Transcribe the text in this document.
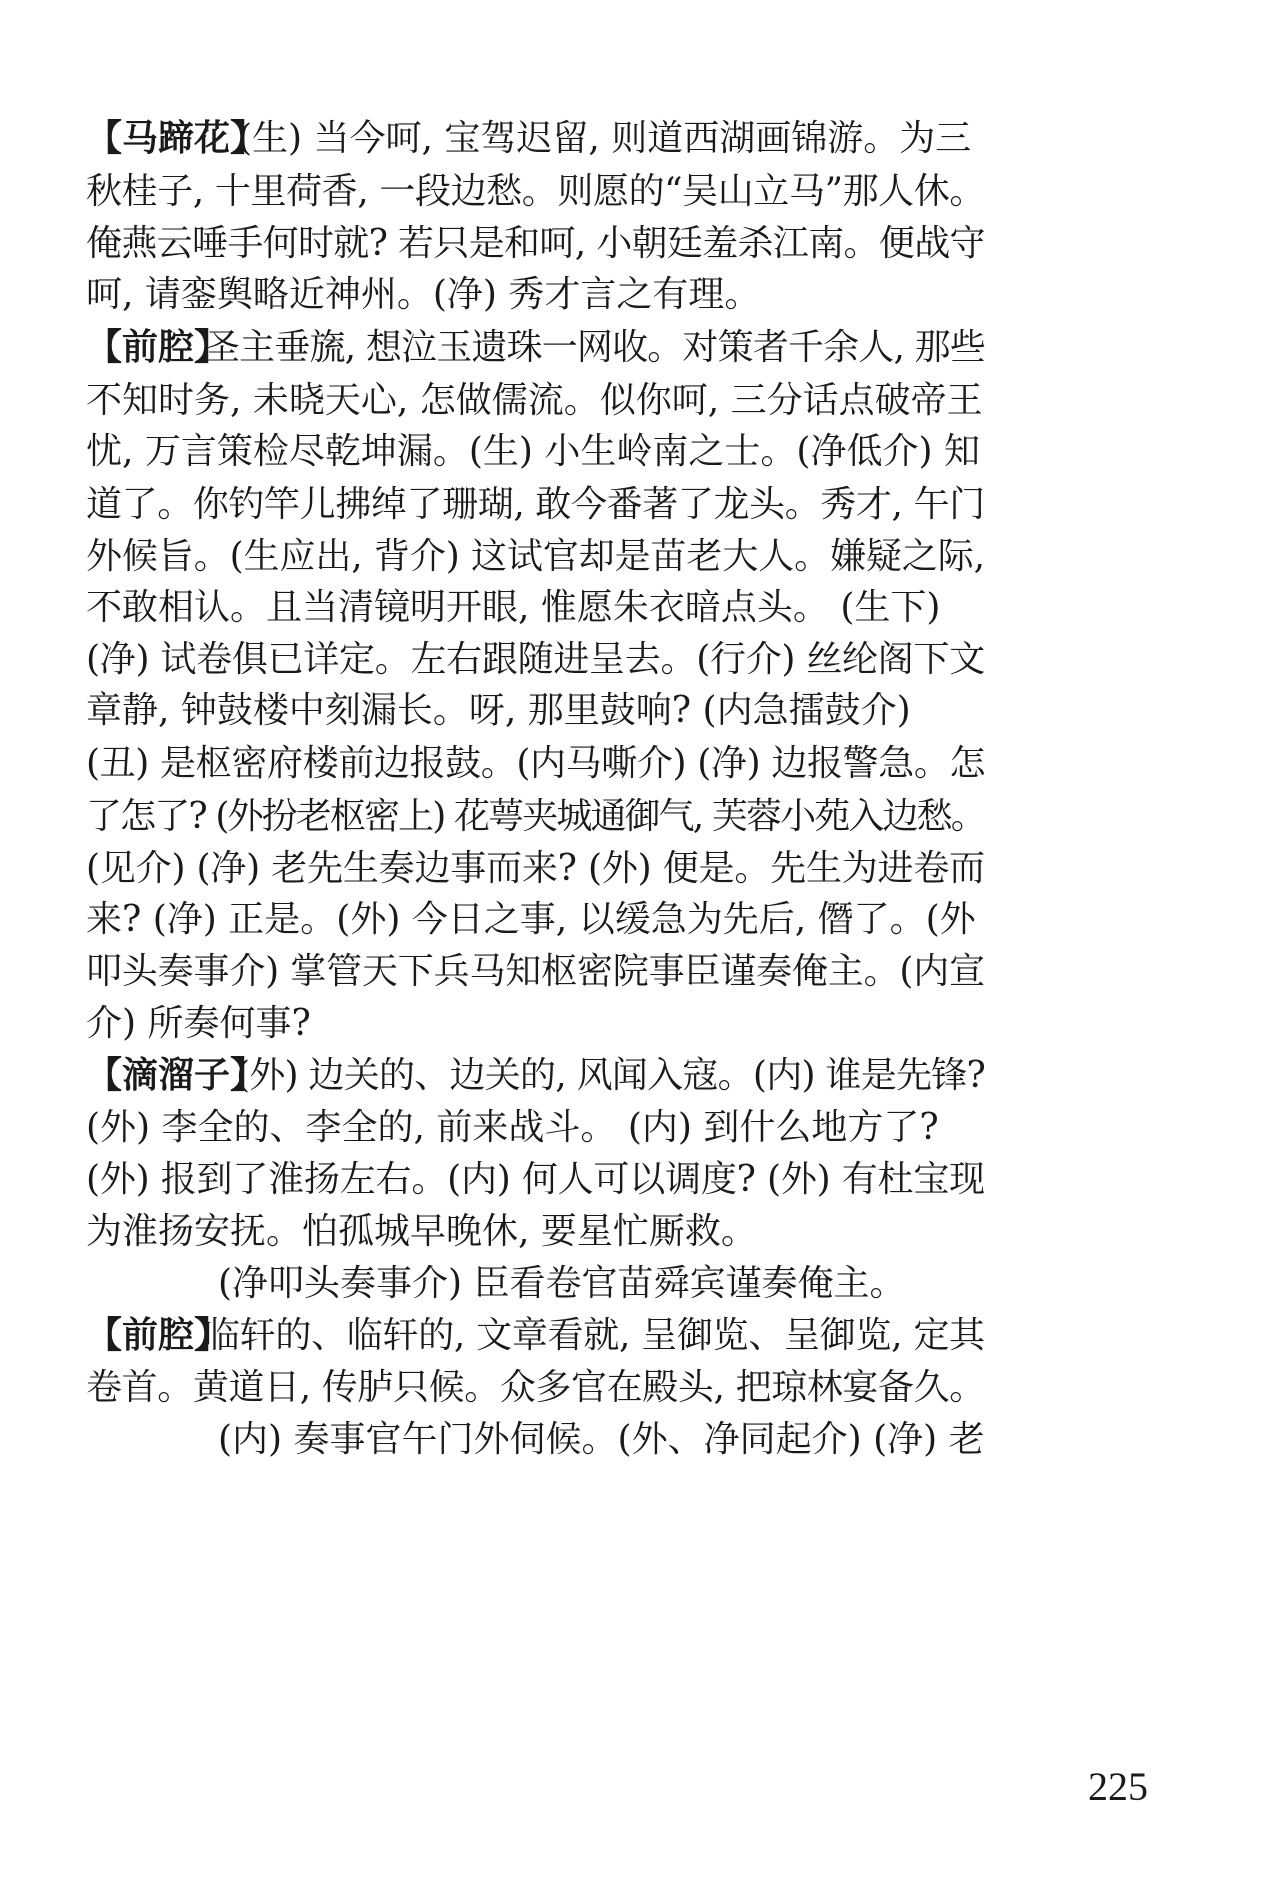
【马蹄花】
(生) 当今呵, 宝驾迟留, 则道西湖画锦游。为三
秋桂子, 十里荷香, 一段边愁。则愿的“吴山立马”那人休。
俺燕云唾手何时就? 若只是和呵, 小朝廷羞杀江南。便战守
呵, 请銮舆略近神州。(净) 秀才言之有理。
【前腔】
圣主垂旒, 想泣玉遗珠一网收。对策者千余人, 那些
不知时务, 未晓天心, 怎做儒流。似你呵, 三分话点破帝王
忧, 万言策检尽乾坤漏。(生) 小生岭南之士。(净低介) 知
道了。你钓竿儿拂绰了珊瑚, 敢今番著了龙头。秀才, 午门
外候旨。(生应出, 背介) 这试官却是苗老大人。嫌疑之际,
不敢相认。且当清镜明开眼, 惟愿朱衣暗点头。 (生下)
(净) 试卷俱已详定。左右跟随进呈去。(行介) 丝纶阁下文
章静, 钟鼓楼中刻漏长。呀, 那里鼓响? (内急擂鼓介)
(丑) 是枢密府楼前边报鼓。(内马嘶介) (净) 边报警急。怎
了怎了? (外扮老枢密上) 花萼夹城通御气, 芙蓉小苑入边愁。
(见介) (净) 老先生奏边事而来? (外) 便是。先生为进卷而
来? (净) 正是。(外) 今日之事, 以缓急为先后, 僭了。(外
叩头奏事介) 掌管天下兵马知枢密院事臣谨奏俺主。(内宣
介) 所奏何事?
【滴溜子】
(外) 边关的、边关的, 风闻入寇。(内) 谁是先锋?
(外) 李全的、李全的, 前来战斗。 (内) 到什么地方了?
(外) 报到了淮扬左右。(内) 何人可以调度? (外) 有杜宝现
为淮扬安抚。怕孤城早晚休, 要星忙厮救。
(净叩头奏事介) 臣看卷官苗舜宾谨奏俺主。
【前腔】
临轩的、临轩的, 文章看就, 呈御览、呈御览, 定其
卷首。黄道日, 传胪只候。众多官在殿头, 把琼林宴备久。
(内) 奏事官午门外伺候。(外、净同起介) (净) 老
225
